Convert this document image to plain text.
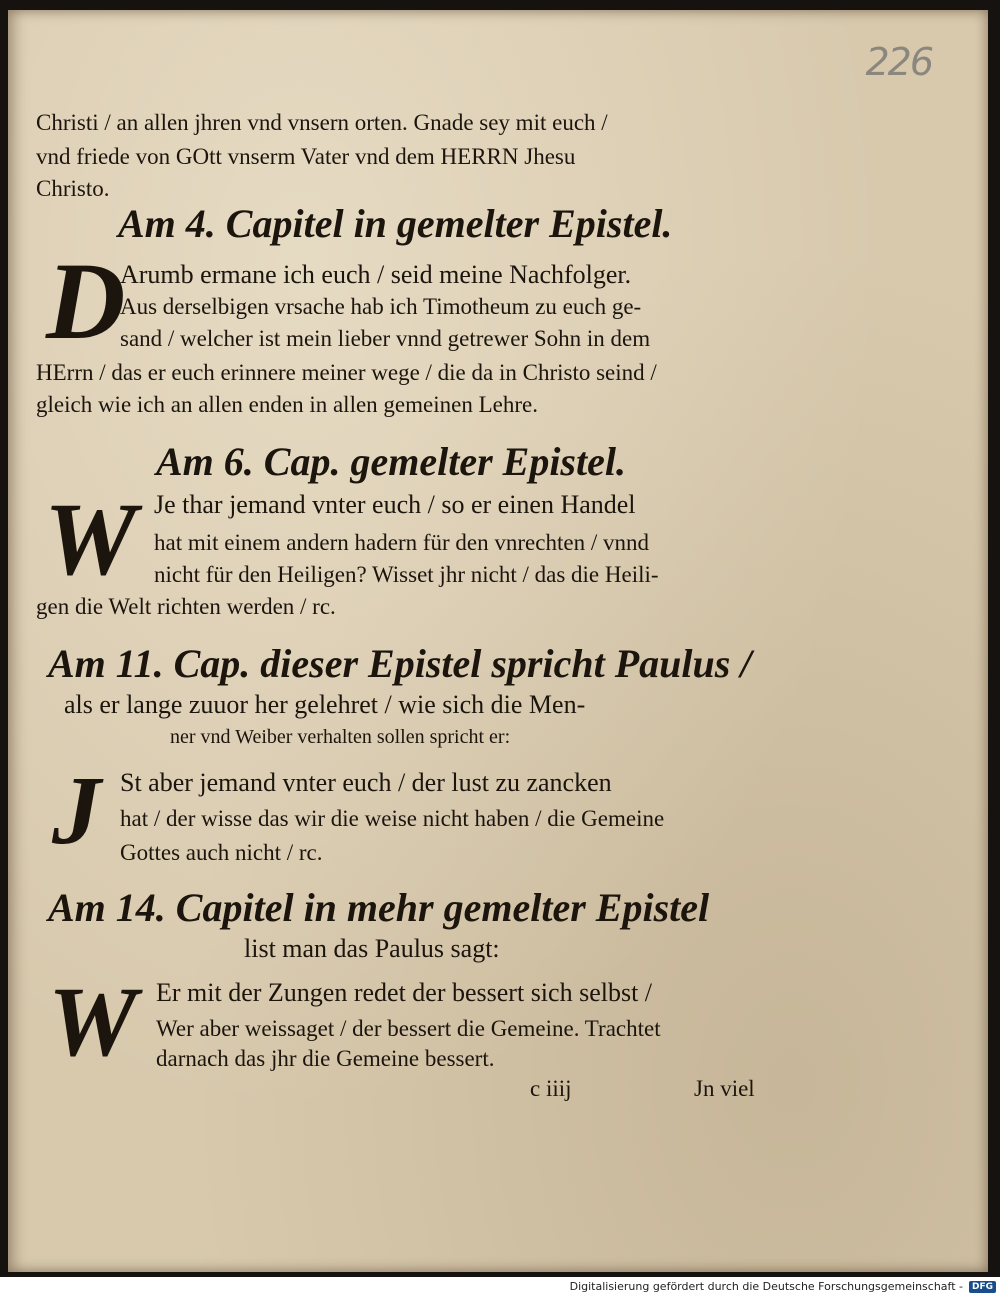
226
Christi / an allen jhren vnd vnsern orten. Gnade sey mit euch /
vnd friede von GOtt vnserm Vater vnd dem HERRN Jhesu
Christo.
Am 4. Capitel in gemelter Epistel.
D
Arumb ermane ich euch / seid meine Nachfolger.
Aus derselbigen vrsache hab ich Timotheum zu euch ge-
sand / welcher ist mein lieber vnnd getrewer Sohn in dem
HErrn / das er euch erinnere meiner wege / die da in Christo seind /
gleich wie ich an allen enden in allen gemeinen Lehre.
Am 6. Cap. gemelter Epistel.
W Je thar jemand vnter euch / so er einen Handel
hat mit einem andern hadern für den vnrechten / vnnd
nicht für den Heiligen? Wisset jhr nicht / das die Heili-
gen die Welt richten werden / rc.
Am 11. Cap. dieser Epistel spricht Paulus /
als er lange zuuor her gelehret / wie sich die Men-
ner vnd Weiber verhalten sollen spricht er:
J St aber jemand vnter euch / der lust zu zancken
hat / der wisse das wir die weise nicht haben / die Gemeine
Gottes auch nicht / rc.
Am 14. Capitel in mehr gemelter Epistel
list man das Paulus sagt:
W Er mit der Zungen redet der bessert sich selbst /
Wer aber weissaget / der bessert die Gemeine. Trachtet
darnach das jhr die Gemeine bessert.
c iiij	Jn viel
Digitalisierung gefördert durch die Deutsche Forschungsgemeinschaft -	DFG
